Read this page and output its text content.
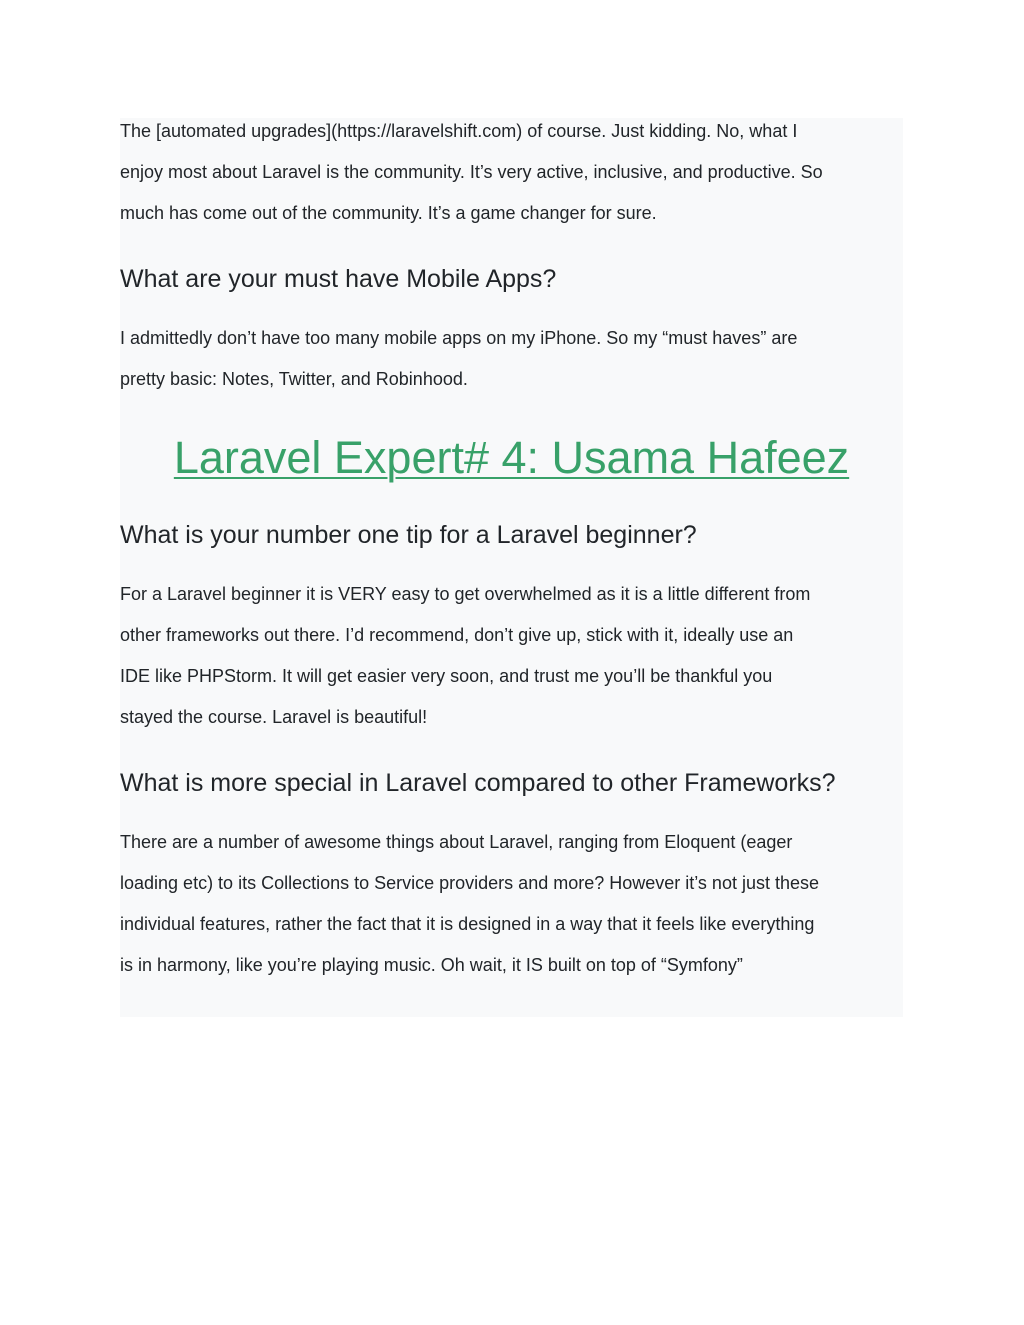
The [automated upgrades](https://laravelshift.com) of course. Just kidding. No, what I
enjoy most about Laravel is the community. It’s very active, inclusive, and productive. So
much has come out of the community. It’s a game changer for sure.

What are your must have Mobile Apps?

I admittedly don’t have too many mobile apps on my iPhone. So my “must haves” are
pretty basic: Notes, Twitter, and Robinhood.

Laravel Expert# 4: Usama Hafeez
What is your number one tip for a Laravel beginner?

For a Laravel beginner it is VERY easy to get overwhelmed as it is a little different from
other frameworks out there. I’d recommend, don’t give up, stick with it, ideally use an
IDE like PHPStorm. It will get easier very soon, and trust me you’ll be thankful you
stayed the course. Laravel is beautiful!

What is more special in Laravel compared to other Frameworks?

There are a number of awesome things about Laravel, ranging from Eloquent (eager
loading etc) to its Collections to Service providers and more? However it’s not just these
individual features, rather the fact that it is designed in a way that it feels like everything
is in harmony, like you’re playing music. Oh wait, it IS built on top of “Symfony”
